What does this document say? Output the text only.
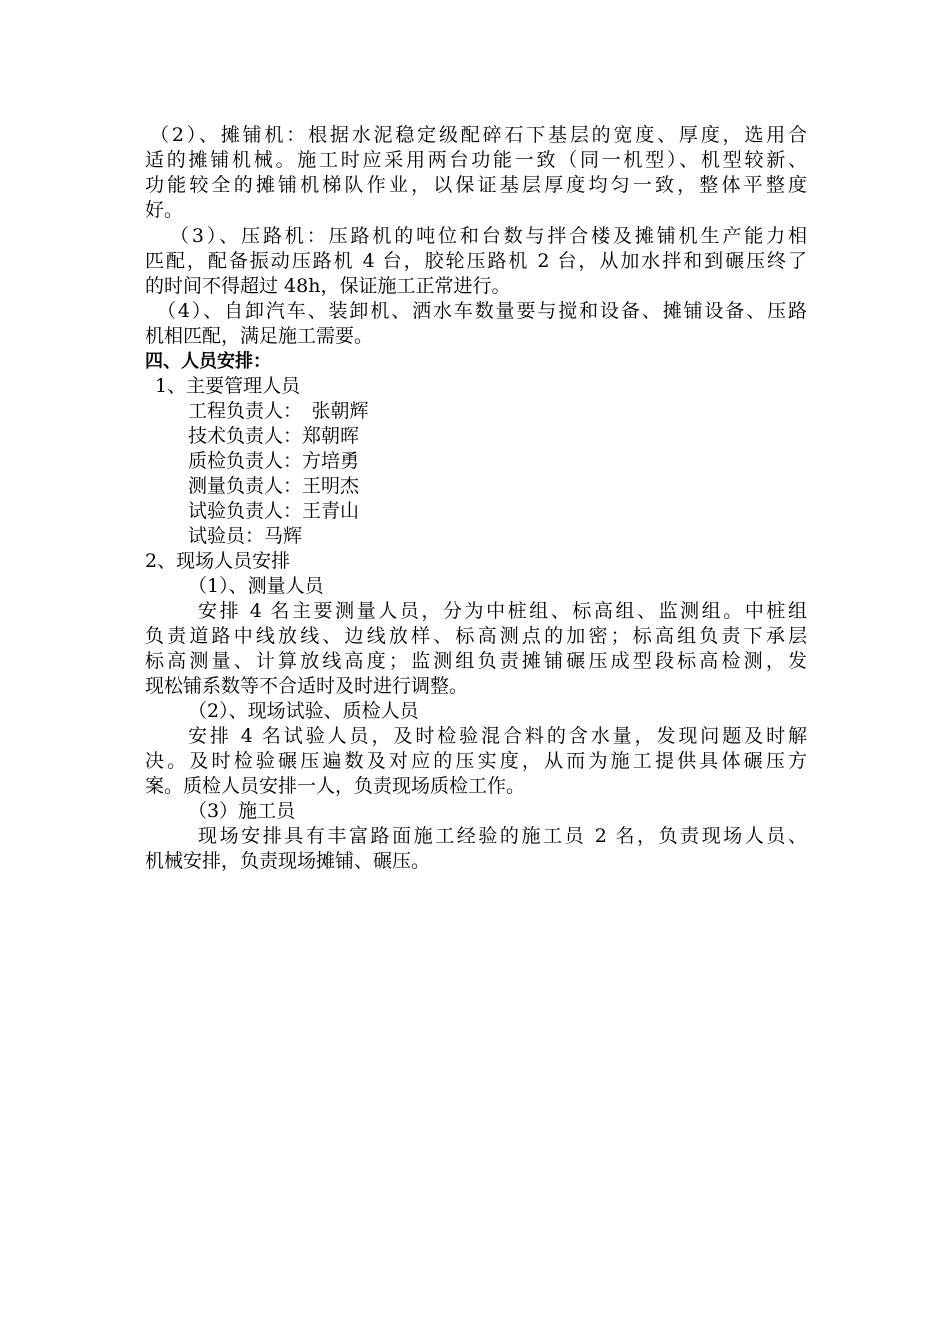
（2）、摊铺机：根据水泥稳定级配碎石下基层的宽度、厚度，选用合

适的摊铺机械。施工时应采用两台功能一致（同一机型）、机型较新、

功能较全的摊铺机梯队作业，以保证基层厚度均匀一致，整体平整度

好。

（3）、压路机：压路机的吨位和台数与拌合楼及摊铺机生产能力相

匹配，配备振动压路机 4 台，胶轮压路机 2 台，从加水拌和到碾压终了

的时间不得超过 48h，保证施工正常进行。

（4）、自卸汽车、装卸机、洒水车数量要与搅和设备、摊铺设备、压路

机相匹配，满足施工需要。

四、人员安排：

1、主要管理人员

工程负责人：　张朝辉

技术负责人：郑朝晖

质检负责人：方培勇

测量负责人：王明杰

试验负责人：王青山

试验员：马辉

2、现场人员安排

（1）、测量人员

安排 4 名主要测量人员，分为中桩组、标高组、监测组。中桩组

负责道路中线放线、边线放样、标高测点的加密；标高组负责下承层

标高测量、计算放线高度；监测组负责摊铺碾压成型段标高检测，发

现松铺系数等不合适时及时进行调整。

（2）、现场试验、质检人员

安排 4 名试验人员，及时检验混合料的含水量，发现问题及时解

决。及时检验碾压遍数及对应的压实度，从而为施工提供具体碾压方

案。质检人员安排一人，负责现场质检工作。

（3）施工员

现场安排具有丰富路面施工经验的施工员 2 名，负责现场人员、

机械安排，负责现场摊铺、碾压。
